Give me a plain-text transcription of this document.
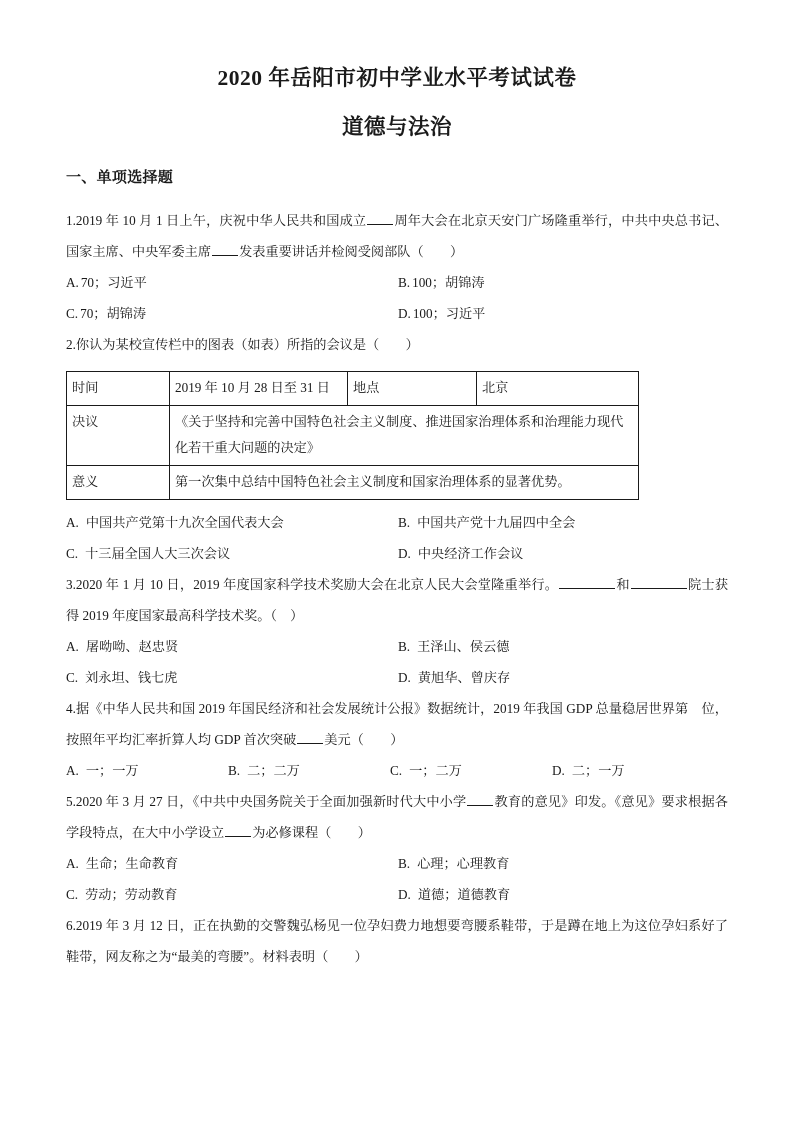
2020 年岳阳市初中学业水平考试试卷
道德与法治
一、单项选择题
1.2019 年 10 月 1 日上午，庆祝中华人民共和国成立 周年大会在北京天安门广场隆重举行，中共中央总书记、国家主席、中央军委主席 发表重要讲话并检阅受阅部队（　　）
A. 70；习近平	B. 100；胡锦涛
C. 70；胡锦涛	D. 100；习近平
2.你认为某校宣传栏中的图表（如表）所指的会议是（　　）
时间	2019 年 10 月 28 日至 31 日	地点	北京
决议	《关于坚持和完善中国特色社会主义制度、推进国家治理体系和治理能力现代化若干重大问题的决定》		
意义	第一次集中总结中国特色社会主义制度和国家治理体系的显著优势。		
A. 中国共产党第十九次全国代表大会	B. 中国共产党十九届四中全会
C. 十三届全国人大三次会议	D. 中央经济工作会议
3.2020 年 1 月 10 日，2019 年度国家科学技术奖励大会在北京人民大会堂隆重举行。	和	院士获得 2019 年度国家最高科学技术奖。（　）
A. 屠呦呦、赵忠贤	B. 王泽山、侯云德
C. 刘永坦、钱七虎	D. 黄旭华、曾庆存
4.据《中华人民共和国 2019 年国民经济和社会发展统计公报》数据统计，2019 年我国 GDP 总量稳居世界第　位，按照年平均汇率折算人均 GDP 首次突破 美元（　　）
A. 一；一万	B. 二；二万	C. 一；二万	D. 二；一万
5.2020 年 3 月 27 日，《中共中央国务院关于全面加强新时代大中小学 教育的意见》印发。《意见》要求根据各学段特点，在大中小学设立 为必修课程（　　）
A. 生命；生命教育	B. 心理；心理教育
C. 劳动；劳动教育	D. 道德；道德教育
6.2019 年 3 月 12 日，正在执勤的交警魏弘杨见一位孕妇费力地想要弯腰系鞋带，于是蹲在地上为这位孕妇系好了鞋带，网友称之为“最美的弯腰”。材料表明（　　）
